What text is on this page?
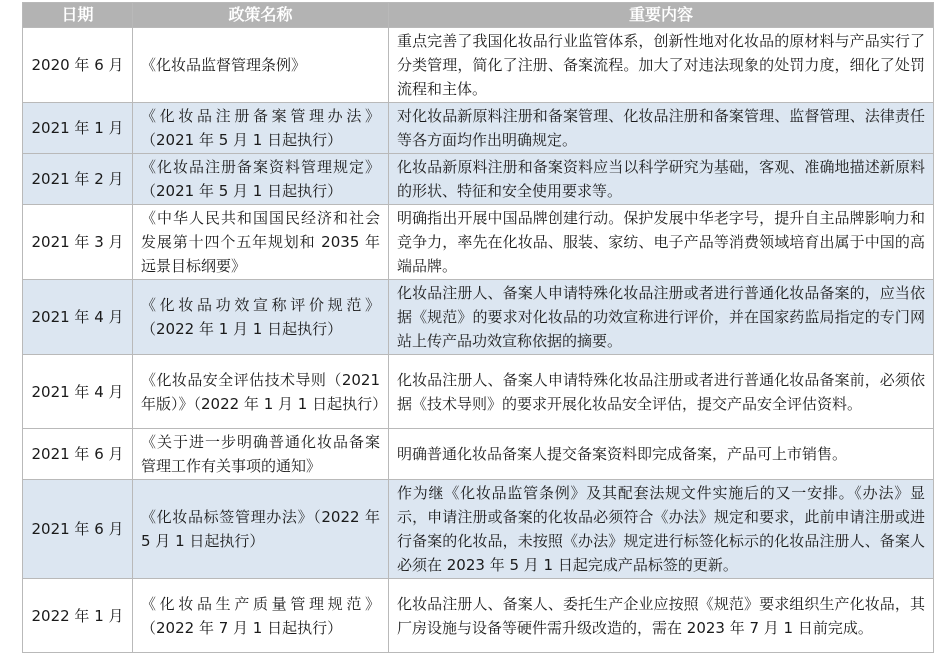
日期	政策名称	重要内容
2020 年 6 月	《化妆品监督管理条例》	重点完善了我国化妆品行业监管体系，创新性地对化妆品的原材料与产品实行了分类管理，简化了注册、备案流程。加大了对违法现象的处罚力度，细化了处罚流程和主体。
2021 年 1 月	《化妆品注册备案管理办法》（2021 年 5 月 1 日起执行）	对化妆品新原料注册和备案管理、化妆品注册和备案管理、监督管理、法律责任等各方面均作出明确规定。
2021 年 2 月	《化妆品注册备案资料管理规定》（2021 年 5 月 1 日起执行）	化妆品新原料注册和备案资料应当以科学研究为基础，客观、准确地描述新原料的形状、特征和安全使用要求等。
2021 年 3 月	《中华人民共和国国民经济和社会发展第十四个五年规划和 2035 年远景目标纲要》	明确指出开展中国品牌创建行动。保护发展中华老字号，提升自主品牌影响力和竞争力，率先在化妆品、服装、家纺、电子产品等消费领域培育出属于中国的高端品牌。
2021 年 4 月	《化妆品功效宣称评价规范》（2022 年 1 月 1 日起执行）	化妆品注册人、备案人申请特殊化妆品注册或者进行普通化妆品备案的，应当依据《规范》的要求对化妆品的功效宣称进行评价，并在国家药监局指定的专门网站上传产品功效宣称依据的摘要。
2021 年 4 月	《化妆品安全评估技术导则（2021 年版）》（2022 年 1 月 1 日起执行）	化妆品注册人、备案人申请特殊化妆品注册或者进行普通化妆品备案前，必须依据《技术导则》的要求开展化妆品安全评估，提交产品安全评估资料。
2021 年 6 月	《关于进一步明确普通化妆品备案管理工作有关事项的通知》	明确普通化妆品备案人提交备案资料即完成备案，产品可上市销售。
2021 年 6 月	《化妆品标签管理办法》（2022 年 5 月 1 日起执行）	作为继《化妆品监管条例》及其配套法规文件实施后的又一安排。《办法》显示，申请注册或备案的化妆品必须符合《办法》规定和要求，此前申请注册或进行备案的化妆品，未按照《办法》规定进行标签化标示的化妆品注册人、备案人必须在 2023 年 5 月 1 日起完成产品标签的更新。
2022 年 1 月	《化妆品生产质量管理规范》（2022 年 7 月 1 日起执行）	化妆品注册人、备案人、委托生产企业应按照《规范》要求组织生产化妆品，其厂房设施与设备等硬件需升级改造的，需在 2023 年 7 月 1 日前完成。
